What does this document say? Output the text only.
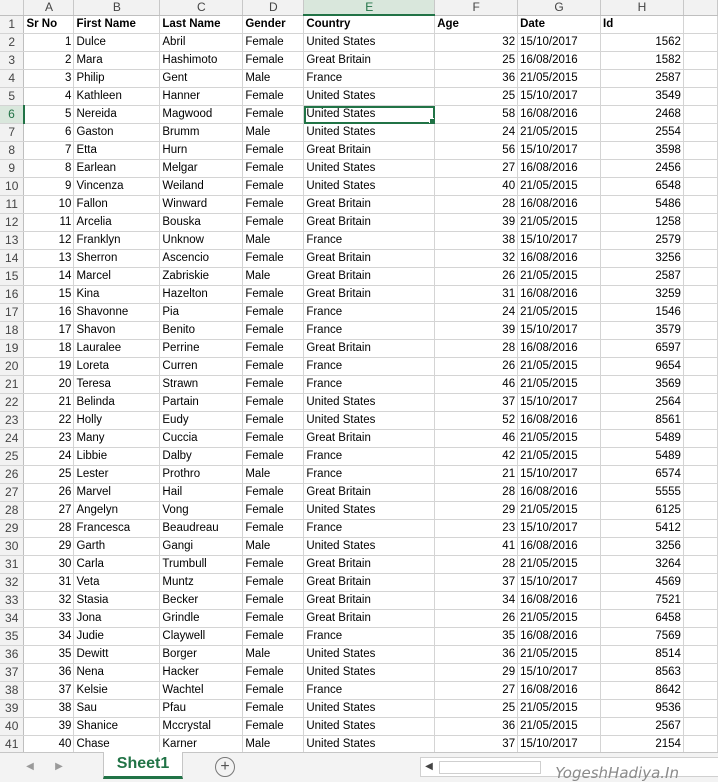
	A	B	C	D	E	F	G	H	
1	Sr No	First Name	Last Name	Gender	Country	Age	Date	Id	
2	1	Dulce	Abril	Female	United States	32	15/10/2017	1562	
3	2	Mara	Hashimoto	Female	Great Britain	25	16/08/2016	1582	
4	3	Philip	Gent	Male	France	36	21/05/2015	2587	
5	4	Kathleen	Hanner	Female	United States	25	15/10/2017	3549	
6	5	Nereida	Magwood	Female	United States	58	16/08/2016	2468	
7	6	Gaston	Brumm	Male	United States	24	21/05/2015	2554	
8	7	Etta	Hurn	Female	Great Britain	56	15/10/2017	3598	
9	8	Earlean	Melgar	Female	United States	27	16/08/2016	2456	
10	9	Vincenza	Weiland	Female	United States	40	21/05/2015	6548	
11	10	Fallon	Winward	Female	Great Britain	28	16/08/2016	5486	
12	11	Arcelia	Bouska	Female	Great Britain	39	21/05/2015	1258	
13	12	Franklyn	Unknow	Male	France	38	15/10/2017	2579	
14	13	Sherron	Ascencio	Female	Great Britain	32	16/08/2016	3256	
15	14	Marcel	Zabriskie	Male	Great Britain	26	21/05/2015	2587	
16	15	Kina	Hazelton	Female	Great Britain	31	16/08/2016	3259	
17	16	Shavonne	Pia	Female	France	24	21/05/2015	1546	
18	17	Shavon	Benito	Female	France	39	15/10/2017	3579	
19	18	Lauralee	Perrine	Female	Great Britain	28	16/08/2016	6597	
20	19	Loreta	Curren	Female	France	26	21/05/2015	9654	
21	20	Teresa	Strawn	Female	France	46	21/05/2015	3569	
22	21	Belinda	Partain	Female	United States	37	15/10/2017	2564	
23	22	Holly	Eudy	Female	United States	52	16/08/2016	8561	
24	23	Many	Cuccia	Female	Great Britain	46	21/05/2015	5489	
25	24	Libbie	Dalby	Female	France	42	21/05/2015	5489	
26	25	Lester	Prothro	Male	France	21	15/10/2017	6574	
27	26	Marvel	Hail	Female	Great Britain	28	16/08/2016	5555	
28	27	Angelyn	Vong	Female	United States	29	21/05/2015	6125	
29	28	Francesca	Beaudreau	Female	France	23	15/10/2017	5412	
30	29	Garth	Gangi	Male	United States	41	16/08/2016	3256	
31	30	Carla	Trumbull	Female	Great Britain	28	21/05/2015	3264	
32	31	Veta	Muntz	Female	Great Britain	37	15/10/2017	4569	
33	32	Stasia	Becker	Female	Great Britain	34	16/08/2016	7521	
34	33	Jona	Grindle	Female	Great Britain	26	21/05/2015	6458	
35	34	Judie	Claywell	Female	France	35	16/08/2016	7569	
36	35	Dewitt	Borger	Male	United States	36	21/05/2015	8514	
37	36	Nena	Hacker	Female	United States	29	15/10/2017	8563	
38	37	Kelsie	Wachtel	Female	France	27	16/08/2016	8642	
39	38	Sau	Pfau	Female	United States	25	21/05/2015	9536	
40	39	Shanice	Mccrystal	Female	United States	36	21/05/2015	2567	
41	40	Chase	Karner	Male	United States	37	15/10/2017	2154	
◀ ▶	Sheet1	+	◀	YogeshHadiya.In
